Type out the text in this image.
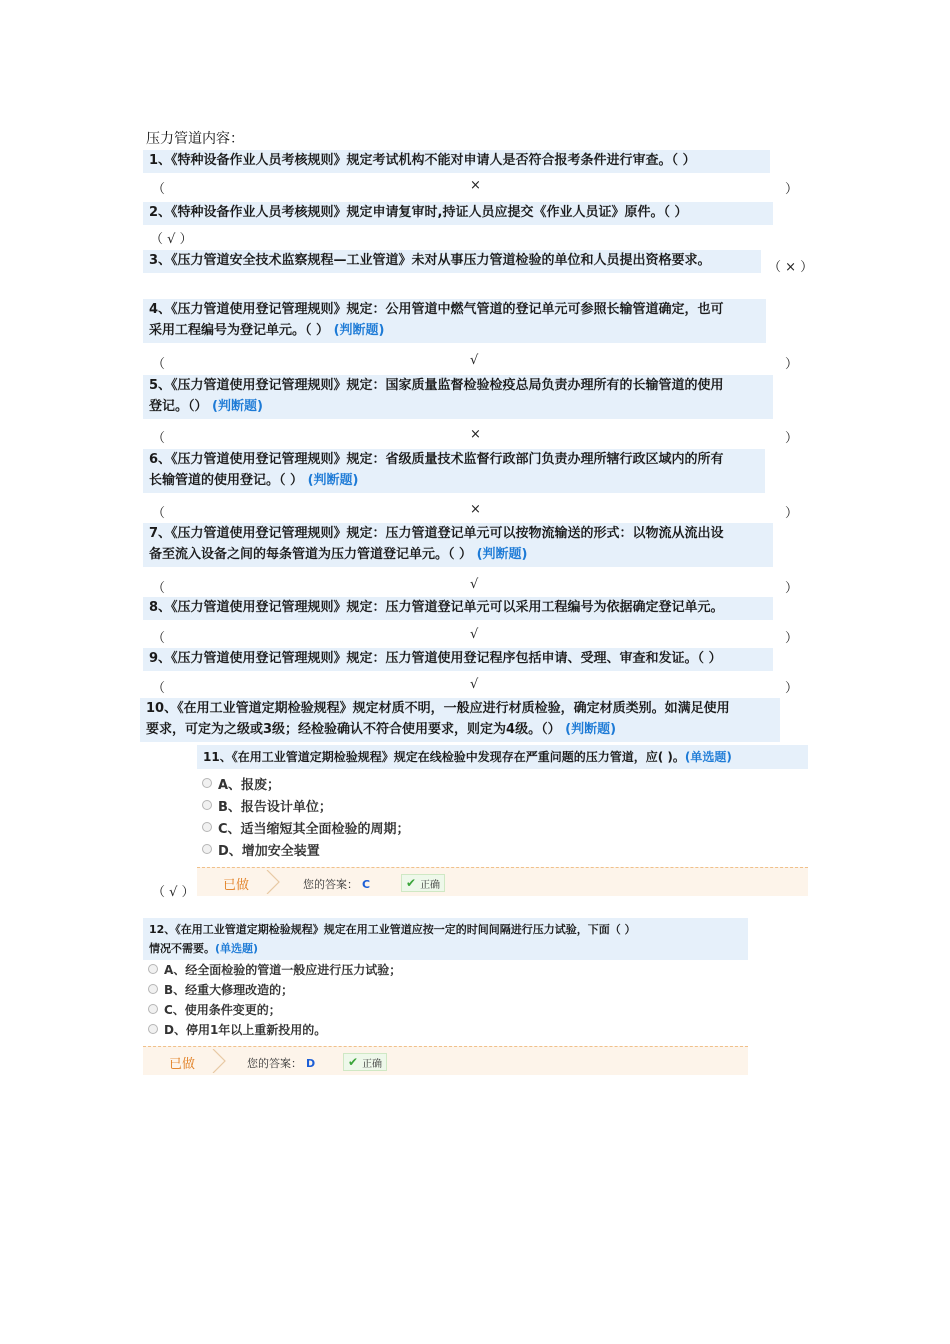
压力管道内容：
1、《特种设备作业人员考核规则》规定考试机构不能对申请人是否符合报考条件进行审查。（ ）
（	×	）
2、《特种设备作业人员考核规则》规定申请复审时,持证人员应提交《作业人员证》原件。（ ）
（ √ ）
3、《压力管道安全技术监察规程—工业管道》未对从事压力管道检验的单位和人员提出资格要求。	（ × ）
4、《压力管道使用登记管理规则》规定：公用管道中燃气管道的登记单元可参照长输管道确定，也可
采用工程编号为登记单元。（ ） (判断题)
（	√	）
5、《压力管道使用登记管理规则》规定：国家质量监督检验检疫总局负责办理所有的长输管道的使用
登记。（） (判断题)
（	×	）
6、《压力管道使用登记管理规则》规定：省级质量技术监督行政部门负责办理所辖行政区域内的所有
长输管道的使用登记。（ ） (判断题)
（	×	）
7、《压力管道使用登记管理规则》规定：压力管道登记单元可以按物流输送的形式：以物流从流出设
备至流入设备之间的每条管道为压力管道登记单元。（ ） (判断题)
（	√	）
8、《压力管道使用登记管理规则》规定：压力管道登记单元可以采用工程编号为依据确定登记单元。
（	√	）
9、《压力管道使用登记管理规则》规定：压力管道使用登记程序包括申请、受理、审查和发证。（ ）
（	√	）
10、《在用工业管道定期检验规程》规定材质不明，一般应进行材质检验，确定材质类别。如满足使用
要求，可定为之级或3级；经检验确认不符合使用要求，则定为4级。（） (判断题)
11、《在用工业管道定期检验规程》规定在线检验中发现存在严重问题的压力管道，应( )。(单选题)
A、报废；
B、报告设计单位；
C、适当缩短其全面检验的周期；
D、增加安全装置
（ √ ） 已做	您的答案： C	✔ 正确
12、《在用工业管道定期检验规程》规定在用工业管道应按一定的时间间隔进行压力试验，下面（ ）
情况不需要。(单选题)
A、经全面检验的管道一般应进行压力试验；
B、经重大修理改造的；
C、使用条件变更的；
D、停用1年以上重新投用的。
已做	您的答案： D	✔ 正确
